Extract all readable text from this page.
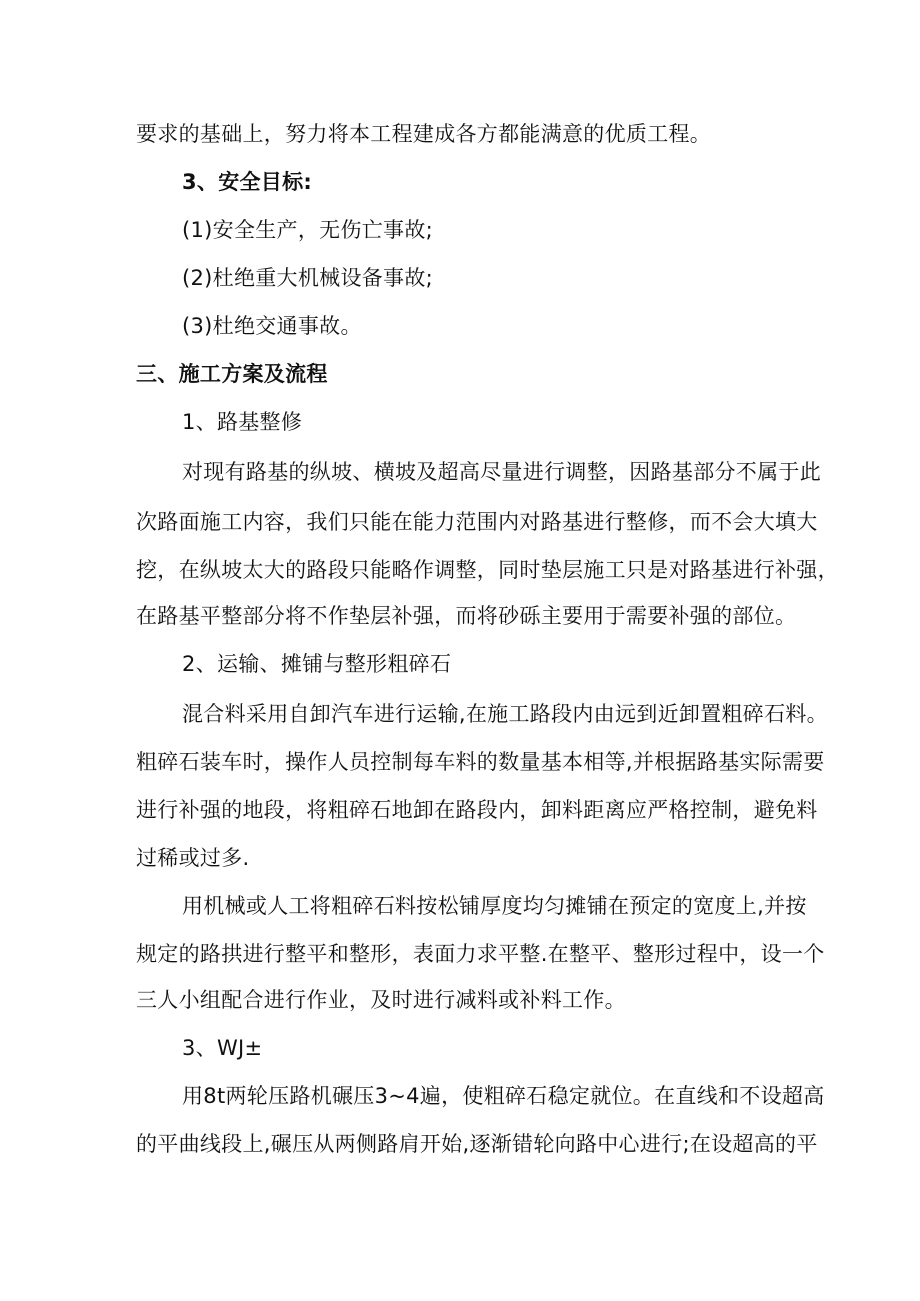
要求的基础上，努力将本工程建成各方都能满意的优质工程。
3、安全目标:
(1)安全生产，无伤亡事故;
(2)杜绝重大机械设备事故;
(3)杜绝交通事故。
三、施工方案及流程
1、路基整修
对现有路基的纵坡、横坡及超高尽量进行调整，因路基部分不属于此
次路面施工内容，我们只能在能力范围内对路基进行整修，而不会大填大
挖，在纵坡太大的路段只能略作调整，同时垫层施工只是对路基进行补强，
在路基平整部分将不作垫层补强，而将砂砾主要用于需要补强的部位。
2、运输、摊铺与整形粗碎石
混合料采用自卸汽车进行运输,在施工路段内由远到近卸置粗碎石料。
粗碎石装车时，操作人员控制每车料的数量基本相等,并根据路基实际需要
进行补强的地段，将粗碎石地卸在路段内，卸料距离应严格控制，避免料
过稀或过多.
用机械或人工将粗碎石料按松铺厚度均匀摊铺在预定的宽度上,并按
规定的路拱进行整平和整形，表面力求平整.在整平、整形过程中，设一个
三人小组配合进行作业，及时进行减料或补料工作。
3、WJ±
用8t两轮压路机碾压3~4遍，使粗碎石稳定就位。在直线和不设超高
的平曲线段上,碾压从两侧路肩开始,逐渐错轮向路中心进行;在设超高的平
